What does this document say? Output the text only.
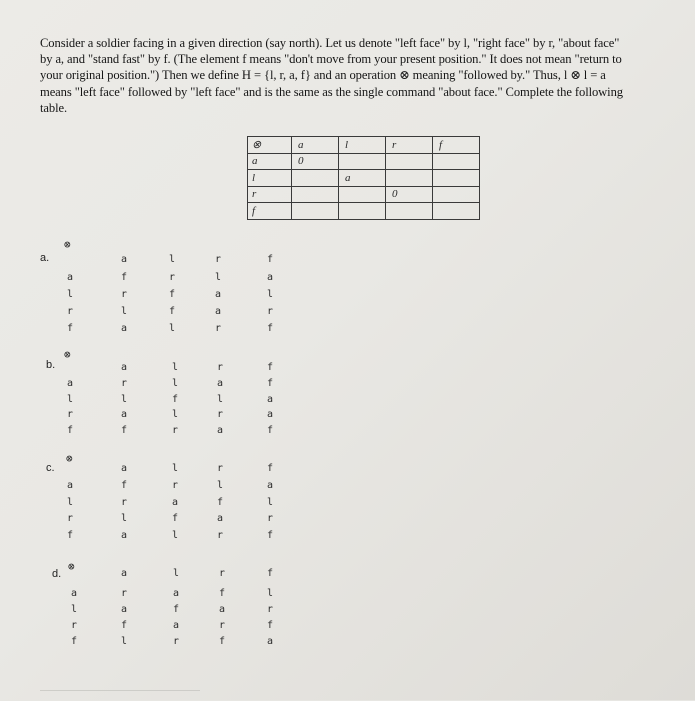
Consider a soldier facing in a given direction (say north). Let us denote "left face" by l, "right face" by r, "about face"
by a, and "stand fast" by f. (The element f means "don't move from your present position." It does not mean "return to
your original position.") Then we define H = {l, r, a, f} and an operation ⊗ meaning "followed by." Thus, l ⊗ l = a
means "left face" followed by "left face" and is the same as the single command "about face." Complete the following
table.
⊗	a	l	r	f
a	0			
l		a		
r			0	
f				
a.
⊗
a	l	r	f
a	f	r	l	a
l	r	f	a	l
r	l	f	a	r
f	a	l	r	f
b.
⊗
a	l	r	f
a	r	l	a	f
l	l	f	l	a
r	a	l	r	a
f	f	r	a	f
c.
⊗
a	l	r	f
a	f	r	l	a
l	r	a	f	l
r	l	f	a	r
f	a	l	r	f
d.
⊗
a	l	r	f
a	r	a	f	l
l	a	f	a	r
r	f	a	r	f
f	l	r	f	a
